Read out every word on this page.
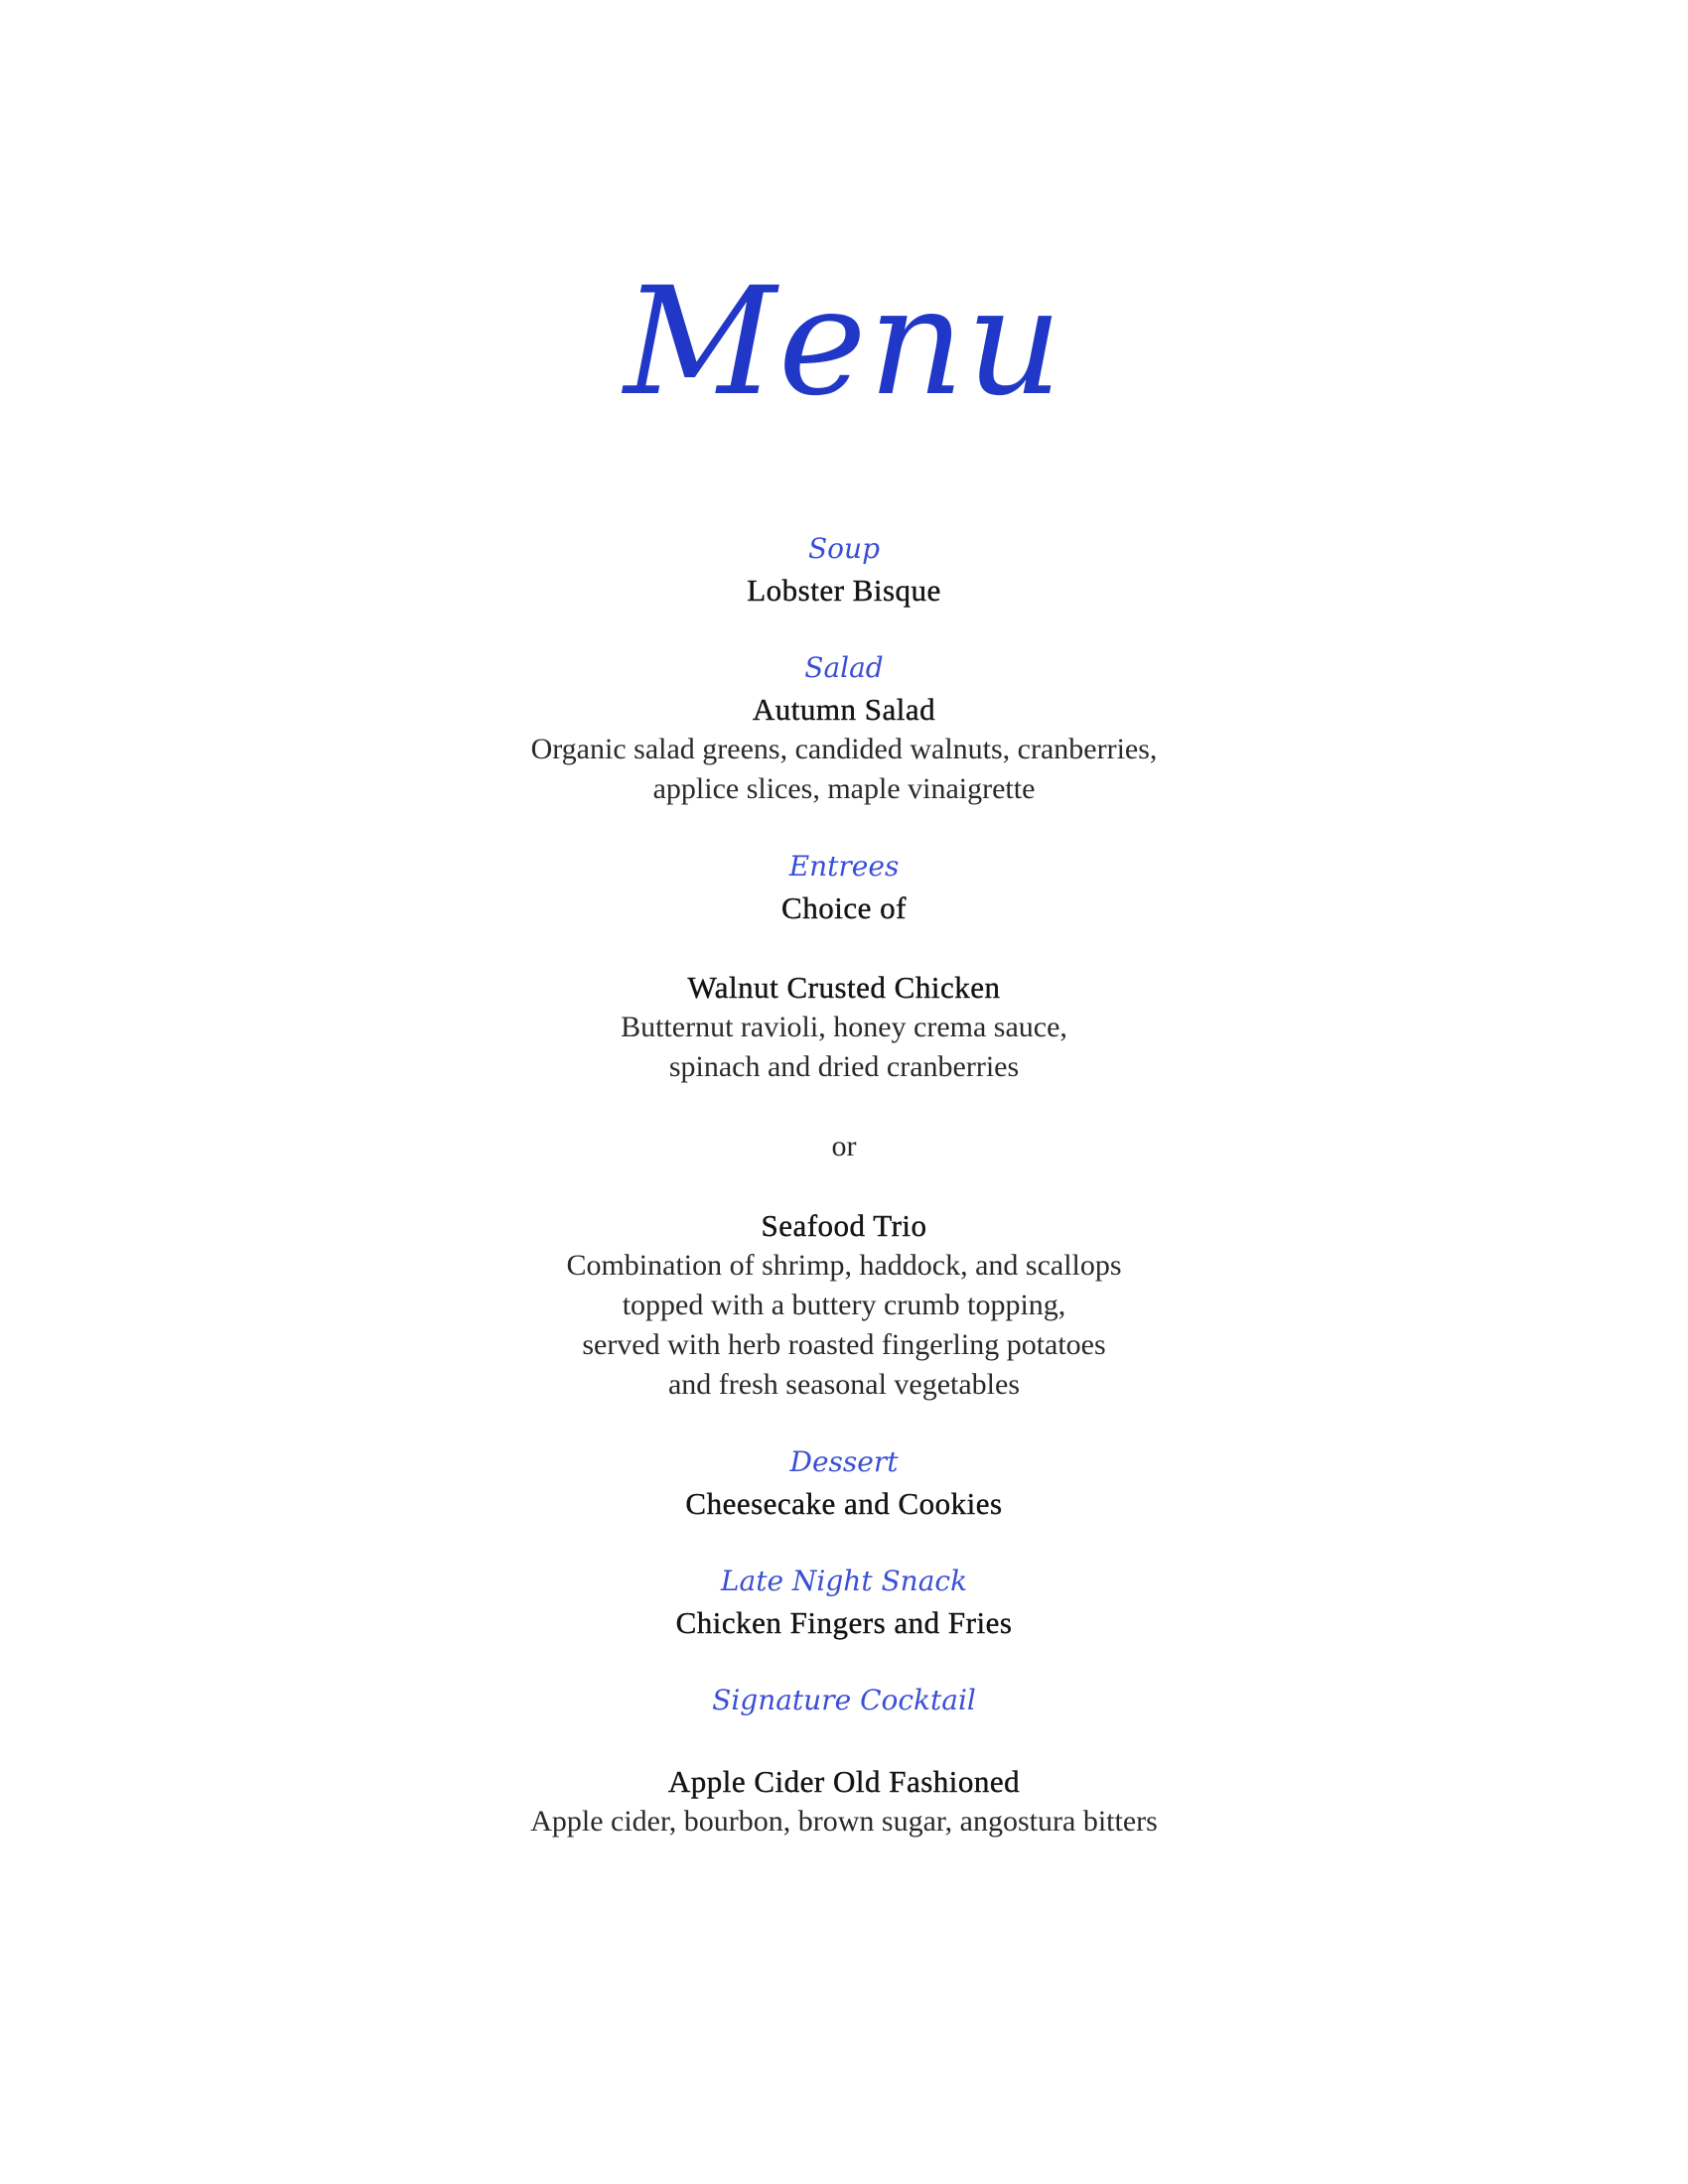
Menu
Soup
Lobster Bisque
Salad
Autumn Salad
Organic salad greens, candided walnuts, cranberries,
applice slices, maple vinaigrette
Entrees
Choice of
Walnut Crusted Chicken
Butternut ravioli, honey crema sauce,
spinach and dried cranberries
or
Seafood Trio
Combination of shrimp, haddock, and scallops
topped with a buttery crumb topping,
served with herb roasted fingerling potatoes
and fresh seasonal vegetables
Dessert
Cheesecake and Cookies
Late Night Snack
Chicken Fingers and Fries
Signature Cocktail
Apple Cider Old Fashioned
Apple cider, bourbon, brown sugar, angostura bitters
